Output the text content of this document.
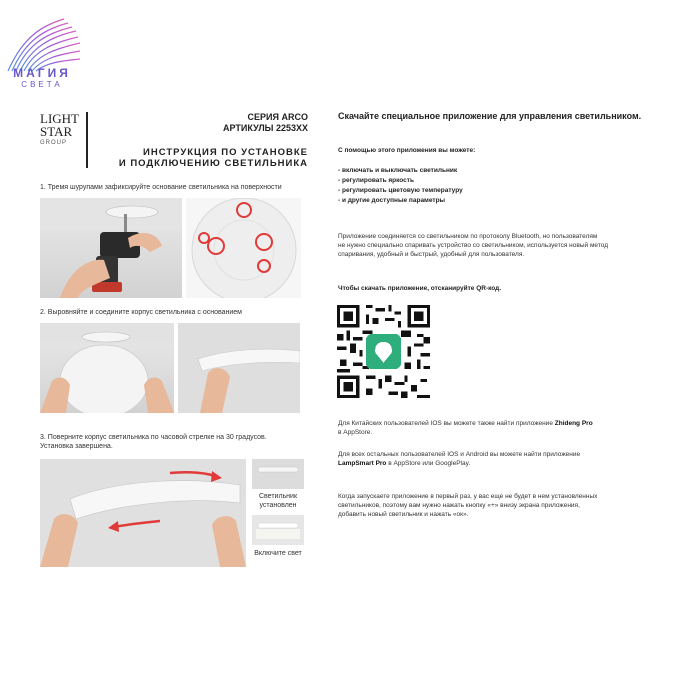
МАГИЯ
СВЕТА
LIGHT
STAR
GROUP
СЕРИЯ ARCO
АРТИКУЛЫ 2253XX
ИНСТРУКЦИЯ ПО УСТАНОВКЕ
И ПОДКЛЮЧЕНИЮ СВЕТИЛЬНИКА
1. Тремя шурупами зафиксируйте основание светильника на поверхности
2. Выровняйте и соедините корпус светильника с основанием
3. Поверните корпус светильника по часовой стрелке на 30 градусов.
Установка завершена.
Светильник
установлен
Включите свет
Скачайте специальное приложение для управления светильником.
С помощью этого приложения вы можете:
- включать и выключать светильник
- регулировать яркость
- регулировать цветовую температуру
- и другие доступные параметры
Приложение соединяется со светильником по протоколу Bluetooth, но пользователям
не нужно специально спаривать устройство со светильником, используется новый метод
спаривания, удобный и быстрый, удобный для пользователя.
Чтобы скачать приложение, отсканируйте QR-код.
Для Китайских пользователей IOS вы можете также найти приложение Zhideng Pro
в AppStore.
Для всех остальных пользователей IOS и Android вы можете найти приложение
LampSmart Pro в AppStore или GooglePlay.
Когда запускаете приложение в первый раз, у вас еще не будет в нем установленных
светильников, поэтому вам нужно нажать кнопку «+» внизу экрана приложения,
добавить новый светильник и нажать «ок».
